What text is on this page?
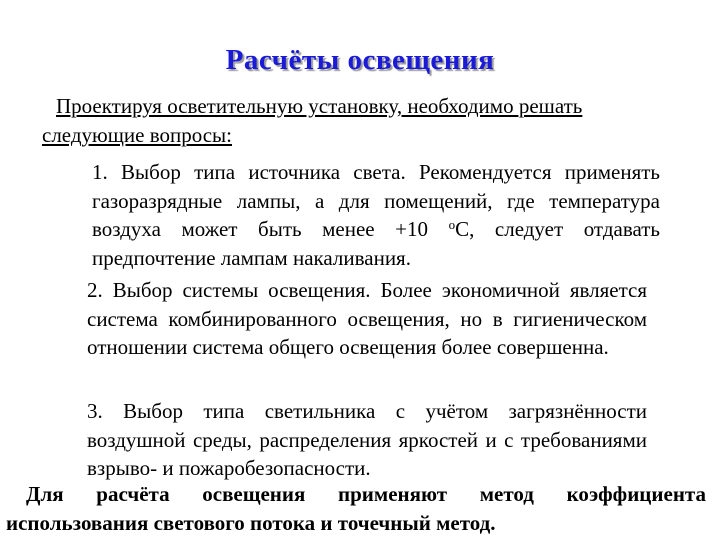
Расчёты освещения
Проектируя осветительную установку, необходимо решать следующие вопросы:
1. Выбор типа источника света. Рекомендуется применять газоразрядные лампы, а для помещений, где температура воздуха может быть менее +10 $^о$С, следует отдавать предпочтение лампам накаливания.
2. Выбор системы освещения. Более экономичной является система комбинированного освещения, но в гигиеническом отношении система общего освещения более совершенна.
3. Выбор типа светильника с учётом загрязнённости воздушной среды, распределения яркостей и с требованиями взрыво- и пожаробезопасности.
Для расчёта освещения применяют метод коэффициента использования светового потока и точечный метод.
